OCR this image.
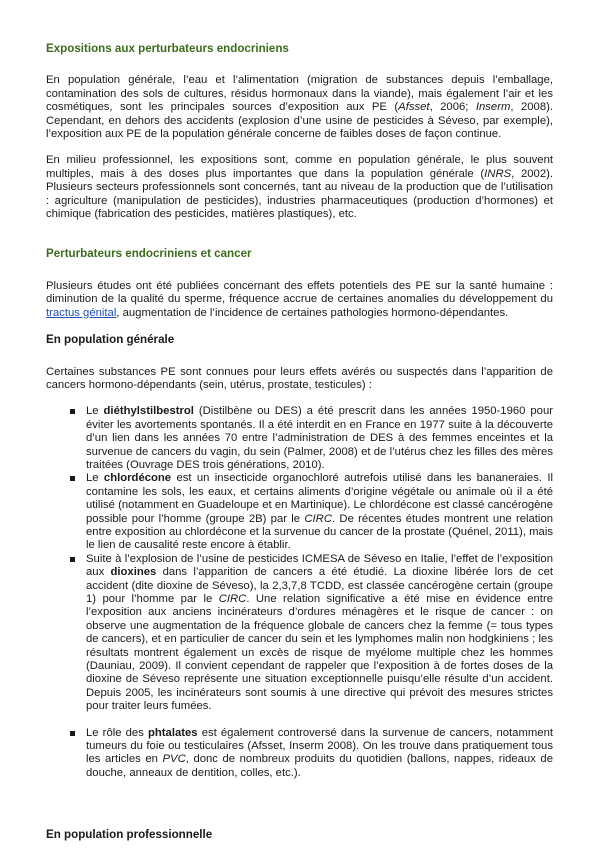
Expositions aux perturbateurs endocriniens

En population générale, l’eau et l’alimentation (migration de substances depuis l’emballage, contamination des sols de cultures, résidus hormonaux dans la viande), mais également l’air et les cosmétiques, sont les principales sources d’exposition aux PE (Afsset, 2006; Inserm, 2008). Cependant, en dehors des accidents (explosion d’une usine de pesticides à Séveso, par exemple), l’exposition aux PE de la population générale concerne de faibles doses de façon continue.

En milieu professionnel, les expositions sont, comme en population générale, le plus souvent multiples, mais à des doses plus importantes que dans la population générale (INRS, 2002). Plusieurs secteurs professionnels sont concernés, tant au niveau de la production que de l’utilisation : agriculture (manipulation de pesticides), industries pharmaceutiques (production d’hormones) et chimique (fabrication des pesticides, matières plastiques), etc.

Perturbateurs endocriniens et cancer

Plusieurs études ont été publiées concernant des effets potentiels des PE sur la santé humaine : diminution de la qualité du sperme, fréquence accrue de certaines anomalies du développement du tractus génital, augmentation de l’incidence de certaines pathologies hormono-dépendantes.

En population générale

Certaines substances PE sont connues pour leurs effets avérés ou suspectés dans l’apparition de cancers hormono-dépendants (sein, utérus, prostate, testicules) :

Le diéthylstilbestrol (Distilbène ou DES) a été prescrit dans les années 1950-1960 pour éviter les avortements spontanés. Il a été interdit en en France en 1977 suite à la découverte d’un lien dans les années 70 entre l’administration de DES à des femmes enceintes et la survenue de cancers du vagin, du sein (Palmer, 2008) et de l’utérus chez les filles des mères traitées (Ouvrage DES trois générations, 2010).
Le chlordécone est un insecticide organochloré autrefois utilisé dans les bananeraies. Il contamine les sols, les eaux, et certains aliments d’origine végétale ou animale où il a été utilisé (notamment en Guadeloupe et en Martinique). Le chlordécone est classé cancérogène possible pour l’homme (groupe 2B) par le CIRC. De récentes études montrent une relation entre exposition au chlordécone et la survenue du cancer de la prostate (Quénel, 2011), mais le lien de causalité reste encore à établir.
Suite à l’explosion de l’usine de pesticides ICMESA de Séveso en Italie, l’effet de l’exposition aux dioxines dans l’apparition de cancers a été étudié. La dioxine libérée lors de cet accident (dite dioxine de Séveso), la 2,3,7,8 TCDD, est classée cancérogène certain (groupe 1) pour l’homme par le CIRC. Une relation significative a été mise en évidence entre l’exposition aux anciens incinérateurs d’ordures ménagères et le risque de cancer : on observe une augmentation de la fréquence globale de cancers chez la femme (= tous types de cancers), et en particulier de cancer du sein et les lymphomes malin non hodgkiniens ; les résultats montrent également un excès de risque de myélome multiple chez les hommes (Dauniau, 2009). Il convient cependant de rappeler que l’exposition à de fortes doses de la dioxine de Séveso représente une situation exceptionnelle puisqu’elle résulte d’un accident. Depuis 2005, les incinérateurs sont soumis à une directive qui prévoit des mesures strictes pour traiter leurs fumées.
Le rôle des phtalates est également controversé dans la survenue de cancers, notamment tumeurs du foie ou testiculaires (Afsset, Inserm 2008). On les trouve dans pratiquement tous les articles en PVC, donc de nombreux produits du quotidien (ballons, nappes, rideaux de douche, anneaux de dentition, colles, etc.).
En population professionnelle
